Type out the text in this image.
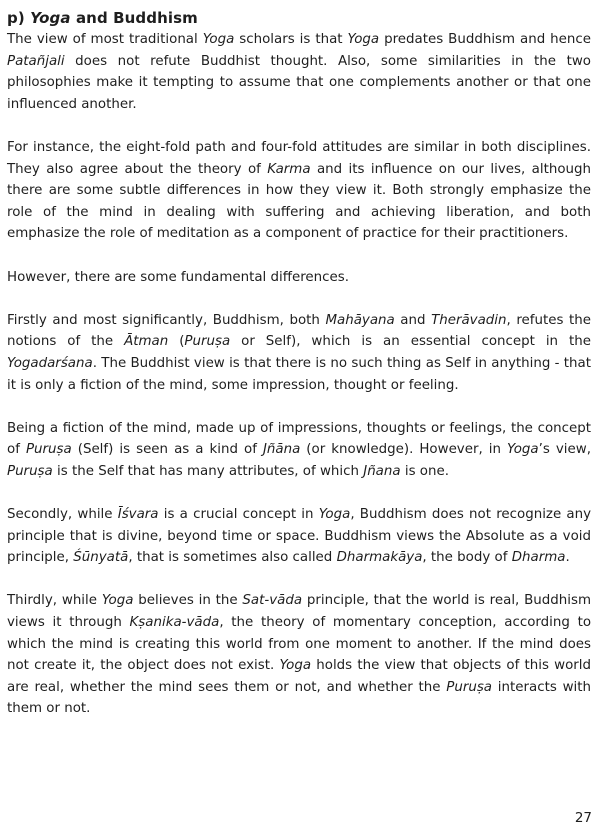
p) Yoga and Buddhism

The view of most traditional Yoga scholars is that Yoga predates Buddhism and hence Patañjali does not refute Buddhist thought. Also, some similarities in the two philosophies make it tempting to assume that one complements another or that one influenced another.

For instance, the eight-fold path and four-fold attitudes are similar in both disciplines. They also agree about the theory of Karma and its influence on our lives, although there are some subtle differences in how they view it. Both strongly emphasize the role of the mind in dealing with suffering and achieving liberation, and both emphasize the role of meditation as a component of practice for their practitioners.

However, there are some fundamental differences.

Firstly and most significantly, Buddhism, both Mahāyana and Therāvadin, refutes the notions of the Ātman (Puruṣa or Self), which is an essential concept in the Yogadarśana. The Buddhist view is that there is no such thing as Self in anything - that it is only a fiction of the mind, some impression, thought or feeling.

Being a fiction of the mind, made up of impressions, thoughts or feelings, the concept of Puruṣa (Self) is seen as a kind of Jñāna (or knowledge). However, in Yoga’s view, Puruṣa is the Self that has many attributes, of which Jñana is one.

Secondly, while Īśvara is a crucial concept in Yoga, Buddhism does not recognize any principle that is divine, beyond time or space. Buddhism views the Absolute as a void principle, Śūnyatā, that is sometimes also called Dharmakāya, the body of Dharma.

Thirdly, while Yoga believes in the Sat-vāda principle, that the world is real, Buddhism views it through Kṣanika-vāda, the theory of momentary conception, according to which the mind is creating this world from one moment to another. If the mind does not create it, the object does not exist. Yoga holds the view that objects of this world are real, whether the mind sees them or not, and whether the Puruṣa interacts with them or not.

27
